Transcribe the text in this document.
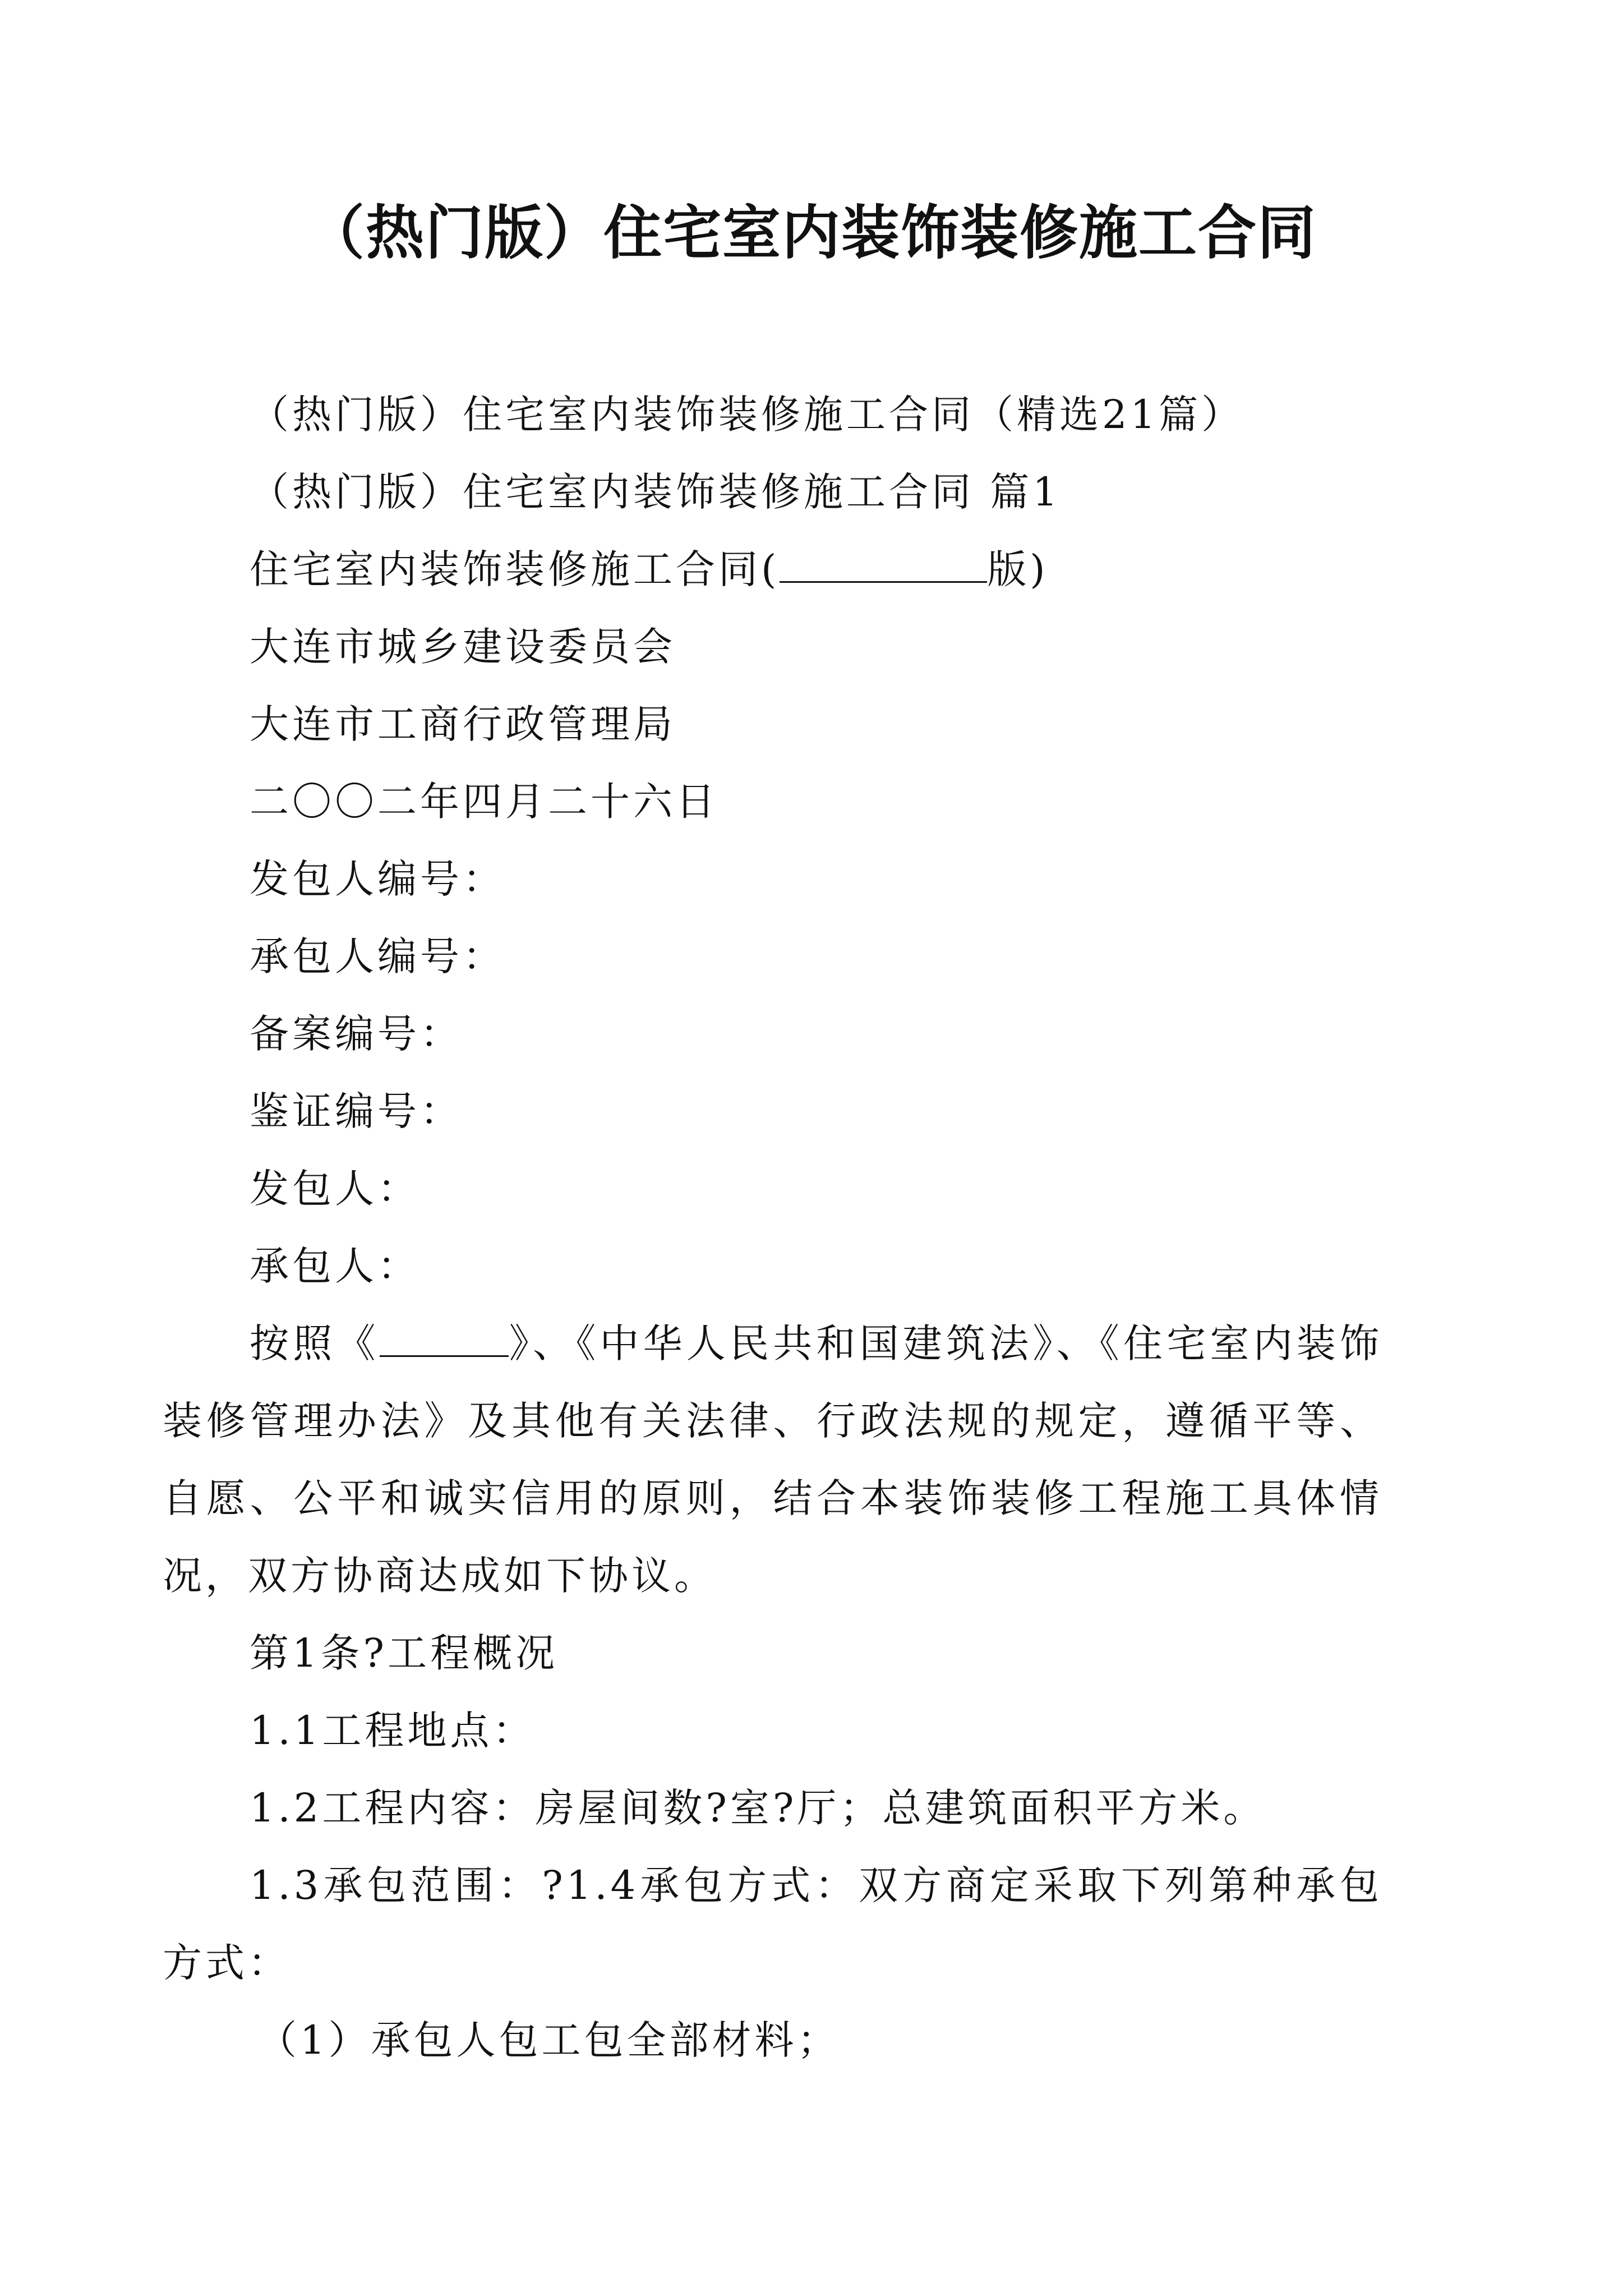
（热门版）住宅室内装饰装修施工合同

（热门版）住宅室内装饰装修施工合同（精选21篇）

（热门版）住宅室内装饰装修施工合同 篇1

住宅室内装饰装修施工合同(	版)

大连市城乡建设委员会

大连市工商行政管理局

二〇〇二年四月二十六日

发包人编号：

承包人编号：

备案编号：

鉴证编号：

发包人：

承包人：

按照《	》、《中华人民共和国建筑法》、《住宅室内装饰装修管理办法》及其他有关法律、行政法规的规定，遵循平等、自愿、公平和诚实信用的原则，结合本装饰装修工程施工具体情况，双方协商达成如下协议。

第1条?工程概况

1.1工程地点：

1.2工程内容：房屋间数?室?厅；总建筑面积平方米。

1.3承包范围：?1.4承包方式：双方商定采取下列第种承包方式：

（1）承包人包工包全部材料；
